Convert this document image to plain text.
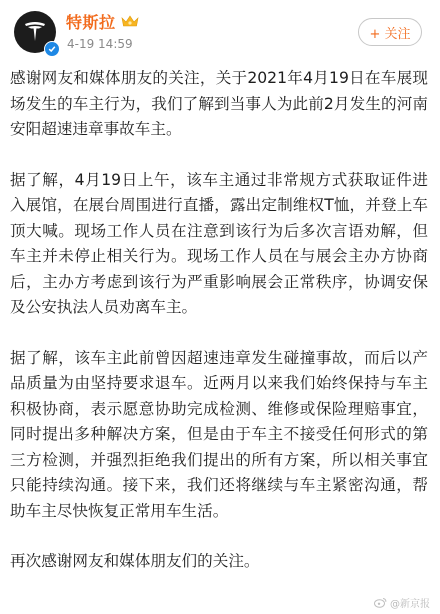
特斯拉
4-19 14:59
+ 关注

感谢网友和媒体朋友的关注，关于2021年4月19日在车展现场发生的车主行为，我们了解到当事人为此前2月发生的河南安阳超速违章事故车主。

据了解，4月19日上午，该车主通过非常规方式获取证件进入展馆，在展台周围进行直播，露出定制维权T恤，并登上车顶大喊。现场工作人员在注意到该行为后多次言语劝解，但车主并未停止相关行为。现场工作人员在与展会主办方协商后，主办方考虑到该行为严重影响展会正常秩序，协调安保及公安执法人员劝离车主。

据了解，该车主此前曾因超速违章发生碰撞事故，而后以产品质量为由坚持要求退车。近两月以来我们始终保持与车主积极协商，表示愿意协助完成检测、维修或保险理赔事宜，同时提出多种解决方案，但是由于车主不接受任何形式的第三方检测，并强烈拒绝我们提出的所有方案，所以相关事宜只能持续沟通。接下来，我们还将继续与车主紧密沟通，帮助车主尽快恢复正常用车生活。

再次感谢网友和媒体朋友们的关注。

@新京报
